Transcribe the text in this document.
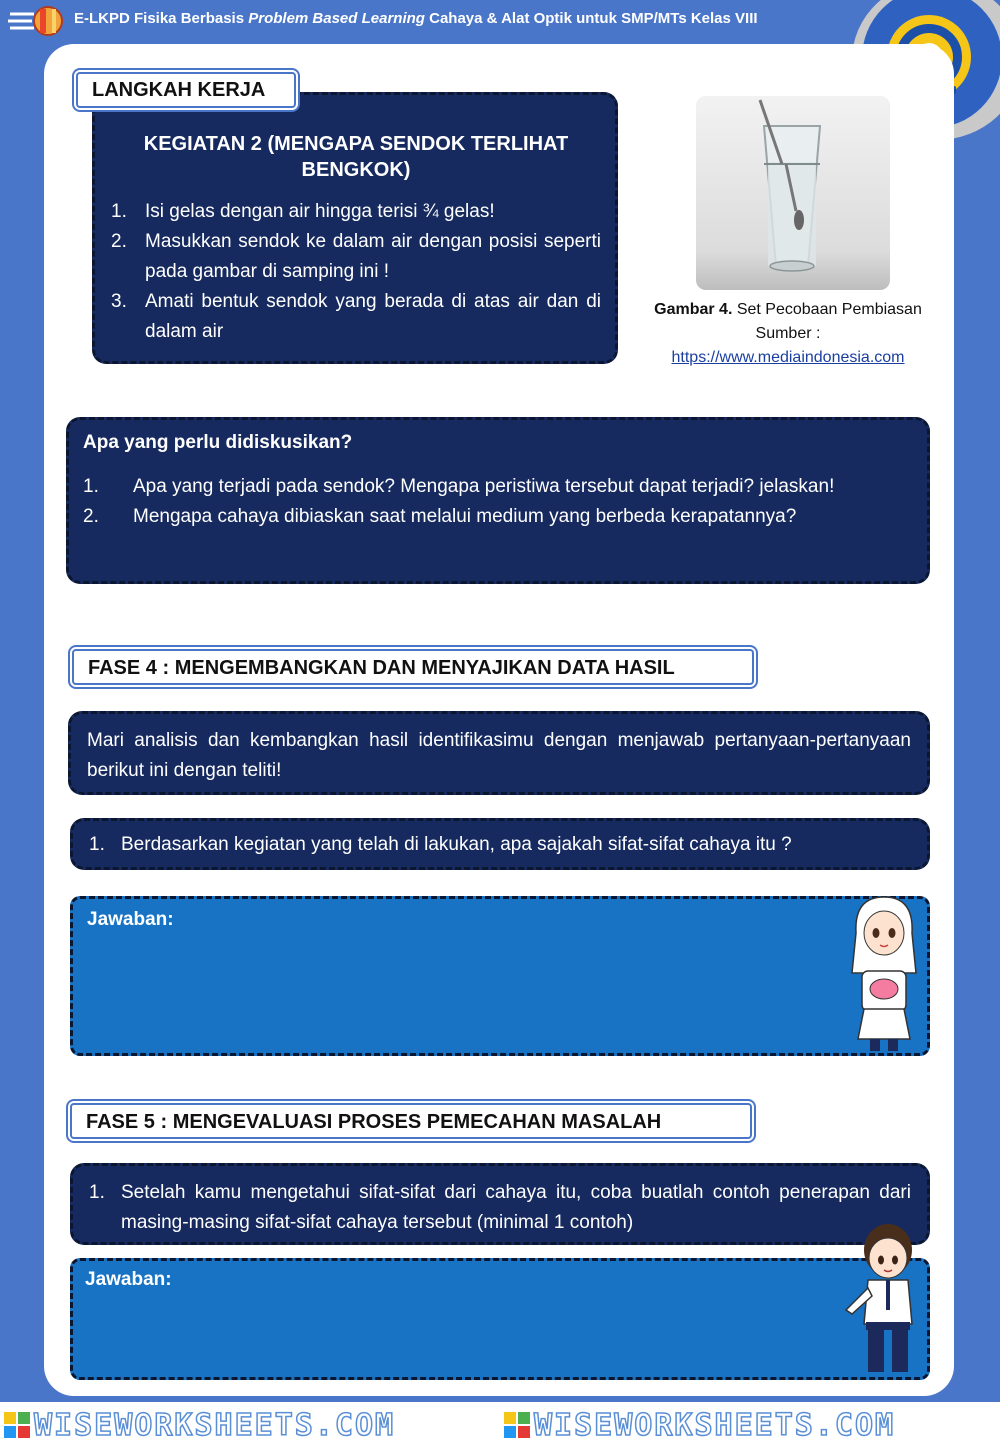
E-LKPD Fisika Berbasis Problem Based Learning Cahaya & Alat Optik untuk SMP/MTs Kelas VIII
KEGIATAN 2 (MENGAPA SENDOK TERLIHAT BENGKOK)
1. Isi gelas dengan air hingga terisi ¾ gelas!
2. Masukkan sendok ke dalam air dengan posisi seperti pada gambar di samping ini !
3. Amati bentuk sendok yang berada di atas air dan di dalam air
LANGKAH KERJA
Gambar 4. Set Pecobaan Pembiasan
Sumber :
https://www.mediaindonesia.com
Apa yang perlu didiskusikan?
1. Apa yang terjadi pada sendok? Mengapa peristiwa tersebut dapat terjadi? jelaskan!
2. Mengapa cahaya dibiaskan saat melalui medium yang berbeda kerapatannya?
FASE 4 : MENGEMBANGKAN DAN MENYAJIKAN DATA HASIL
Mari analisis dan kembangkan hasil identifikasimu dengan menjawab pertanyaan-pertanyaan berikut ini dengan teliti!
1. Berdasarkan kegiatan yang telah di lakukan, apa sajakah sifat-sifat cahaya itu ?
Jawaban:
FASE 5 : MENGEVALUASI PROSES PEMECAHAN MASALAH
1. Setelah kamu mengetahui sifat-sifat dari cahaya itu, coba buatlah contoh penerapan dari masing-masing sifat-sifat cahaya tersebut (minimal 1 contoh)
Jawaban:
WISEWORKSHEETS.COM	WISEWORKSHEETS.COM
